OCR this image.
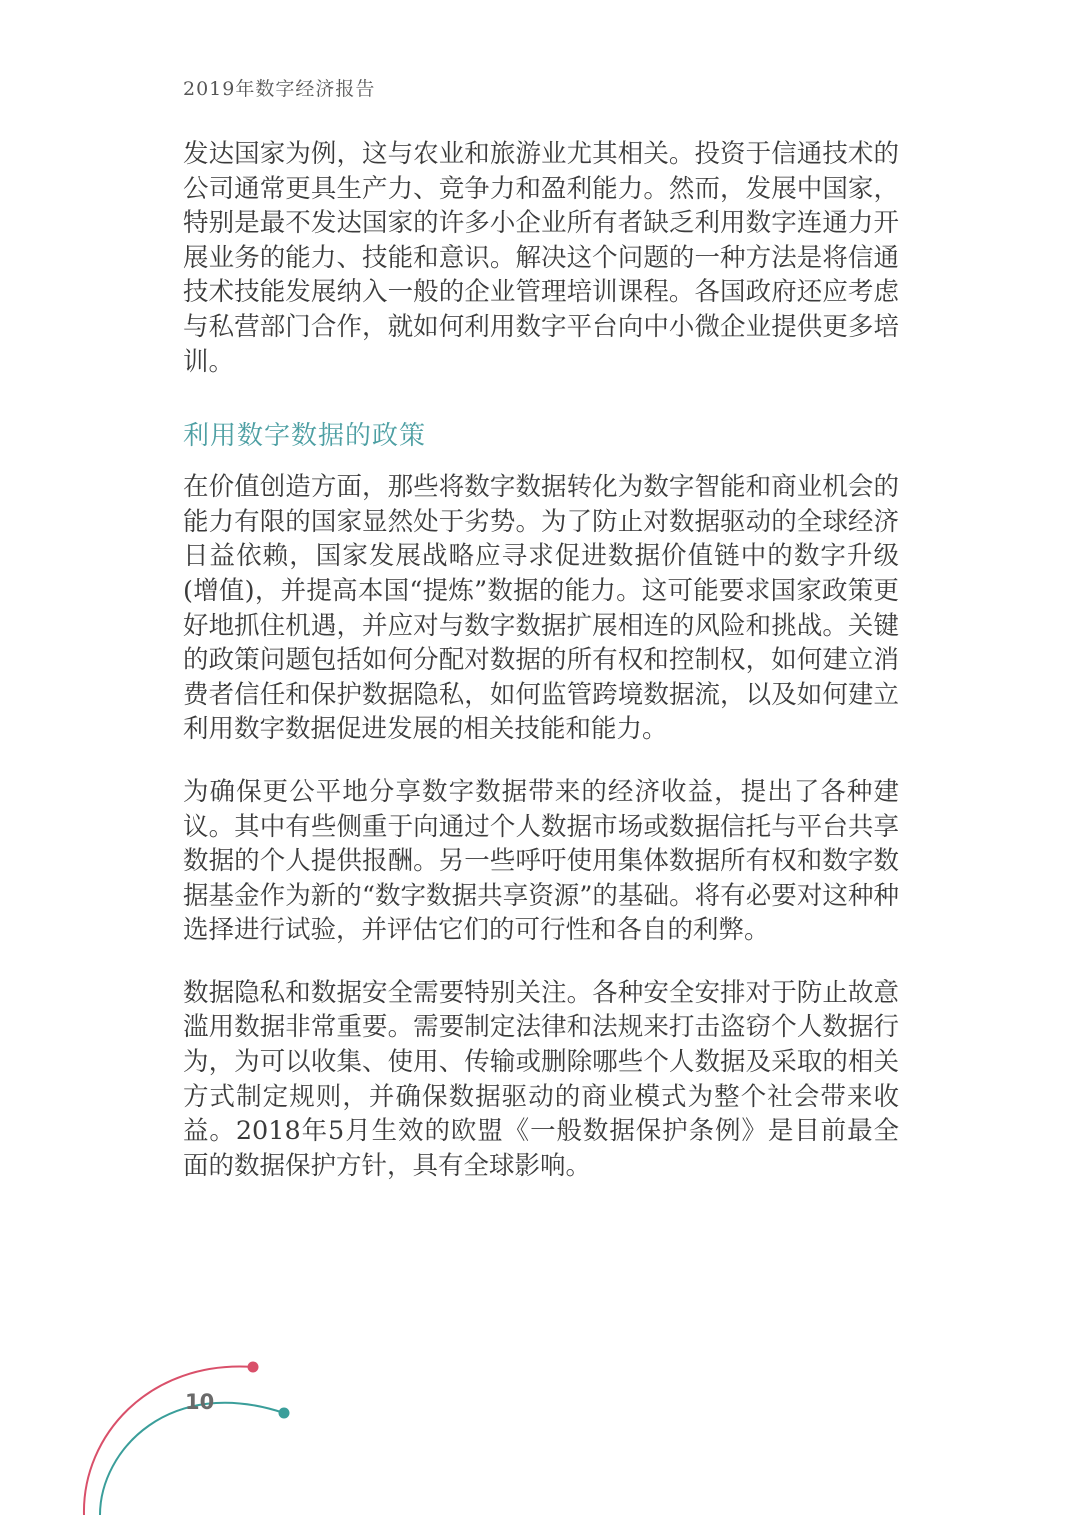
2019年数字经济报告

发达国家为例，这与农业和旅游业尤其相关。投资于信通技术的公司通常更具生产力、竞争力和盈利能力。然而，发展中国家，特别是最不发达国家的许多小企业所有者缺乏利用数字连通力开展业务的能力、技能和意识。解决这个问题的一种方法是将信通技术技能发展纳入一般的企业管理培训课程。各国政府还应考虑与私营部门合作，就如何利用数字平台向中小微企业提供更多培训。

利用数字数据的政策

在价值创造方面，那些将数字数据转化为数字智能和商业机会的能力有限的国家显然处于劣势。为了防止对数据驱动的全球经济日益依赖，国家发展战略应寻求促进数据价值链中的数字升级(增值)，并提高本国“提炼”数据的能力。这可能要求国家政策更好地抓住机遇，并应对与数字数据扩展相连的风险和挑战。关键的政策问题包括如何分配对数据的所有权和控制权，如何建立消费者信任和保护数据隐私，如何监管跨境数据流，以及如何建立利用数字数据促进发展的相关技能和能力。

为确保更公平地分享数字数据带来的经济收益，提出了各种建议。其中有些侧重于向通过个人数据市场或数据信托与平台共享数据的个人提供报酬。另一些呼吁使用集体数据所有权和数字数据基金作为新的“数字数据共享资源”的基础。将有必要对这种种选择进行试验，并评估它们的可行性和各自的利弊。

数据隐私和数据安全需要特别关注。各种安全安排对于防止故意滥用数据非常重要。需要制定法律和法规来打击盗窃个人数据行为，为可以收集、使用、传输或删除哪些个人数据及采取的相关方式制定规则，并确保数据驱动的商业模式为整个社会带来收益。2018年5月生效的欧盟《一般数据保护条例》是目前最全面的数据保护方针，具有全球影响。

10
